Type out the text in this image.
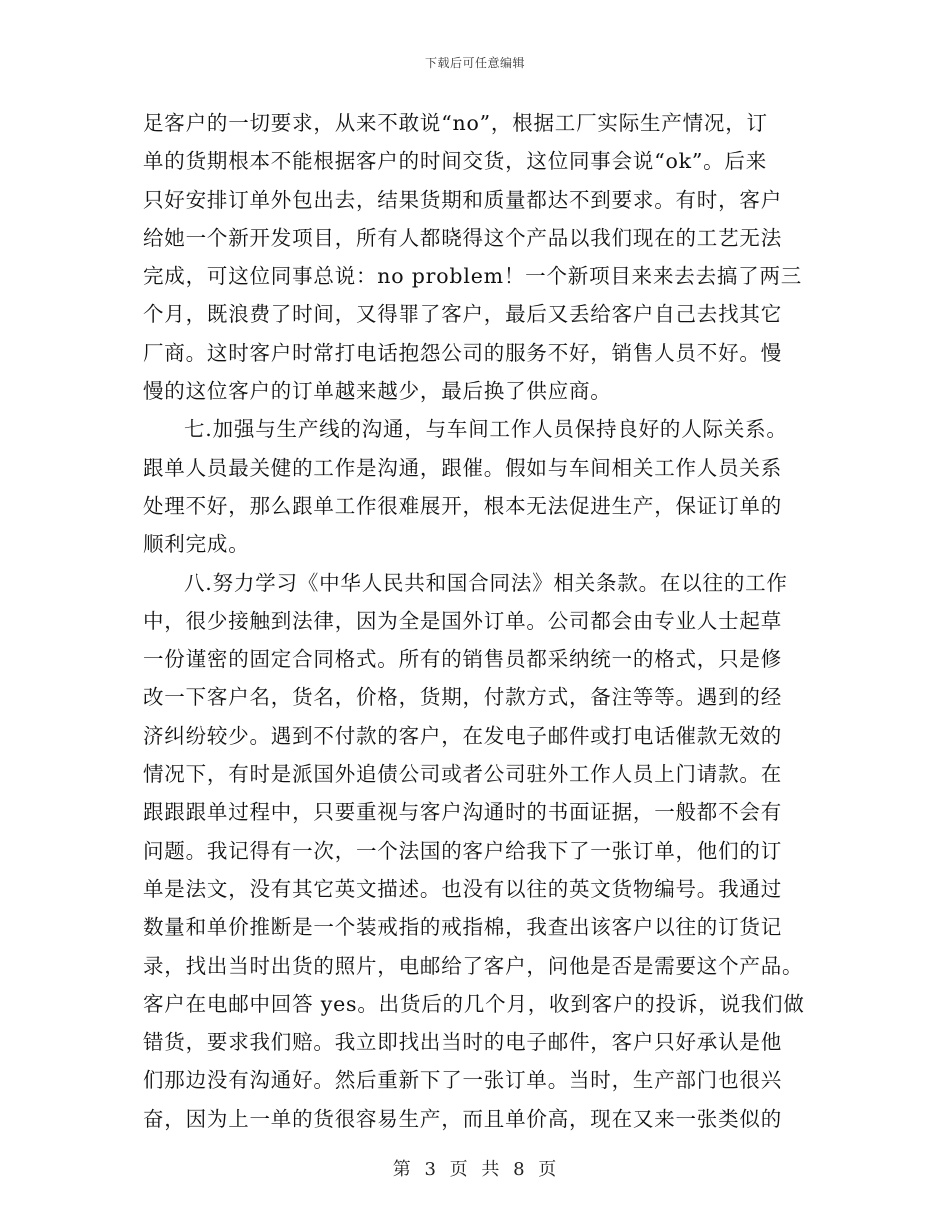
下载后可任意编辑
足客户的一切要求，从来不敢说“no”，根据工厂实际生产情况，订
单的货期根本不能根据客户的时间交货，这位同事会说“ok”。后来
只好安排订单外包出去，结果货期和质量都达不到要求。有时，客户
给她一个新开发项目，所有人都晓得这个产品以我们现在的工艺无法
完成，可这位同事总说：no problem！一个新项目来来去去搞了两三
个月，既浪费了时间，又得罪了客户，最后又丢给客户自己去找其它
厂商。这时客户时常打电话抱怨公司的服务不好，销售人员不好。慢
慢的这位客户的订单越来越少，最后换了供应商。
七.加强与生产线的沟通，与车间工作人员保持良好的人际关系。
跟单人员最关健的工作是沟通，跟催。假如与车间相关工作人员关系
处理不好，那么跟单工作很难展开，根本无法促进生产，保证订单的
顺利完成。
八.努力学习《中华人民共和国合同法》相关条款。在以往的工作
中，很少接触到法律，因为全是国外订单。公司都会由专业人士起草
一份谨密的固定合同格式。所有的销售员都采纳统一的格式，只是修
改一下客户名，货名，价格，货期，付款方式，备注等等。遇到的经
济纠纷较少。遇到不付款的客户，在发电子邮件或打电话催款无效的
情况下，有时是派国外追债公司或者公司驻外工作人员上门请款。在
跟跟跟单过程中，只要重视与客户沟通时的书面证据，一般都不会有
问题。我记得有一次，一个法国的客户给我下了一张订单，他们的订
单是法文，没有其它英文描述。也没有以往的英文货物编号。我通过
数量和单价推断是一个装戒指的戒指棉，我查出该客户以往的订货记
录，找出当时出货的照片，电邮给了客户，问他是否是需要这个产品。
客户在电邮中回答 yes。出货后的几个月，收到客户的投诉，说我们做
错货，要求我们赔。我立即找出当时的电子邮件，客户只好承认是他
们那边没有沟通好。然后重新下了一张订单。当时，生产部门也很兴
奋，因为上一单的货很容易生产，而且单价高，现在又来一张类似的
第 3 页 共 8 页
